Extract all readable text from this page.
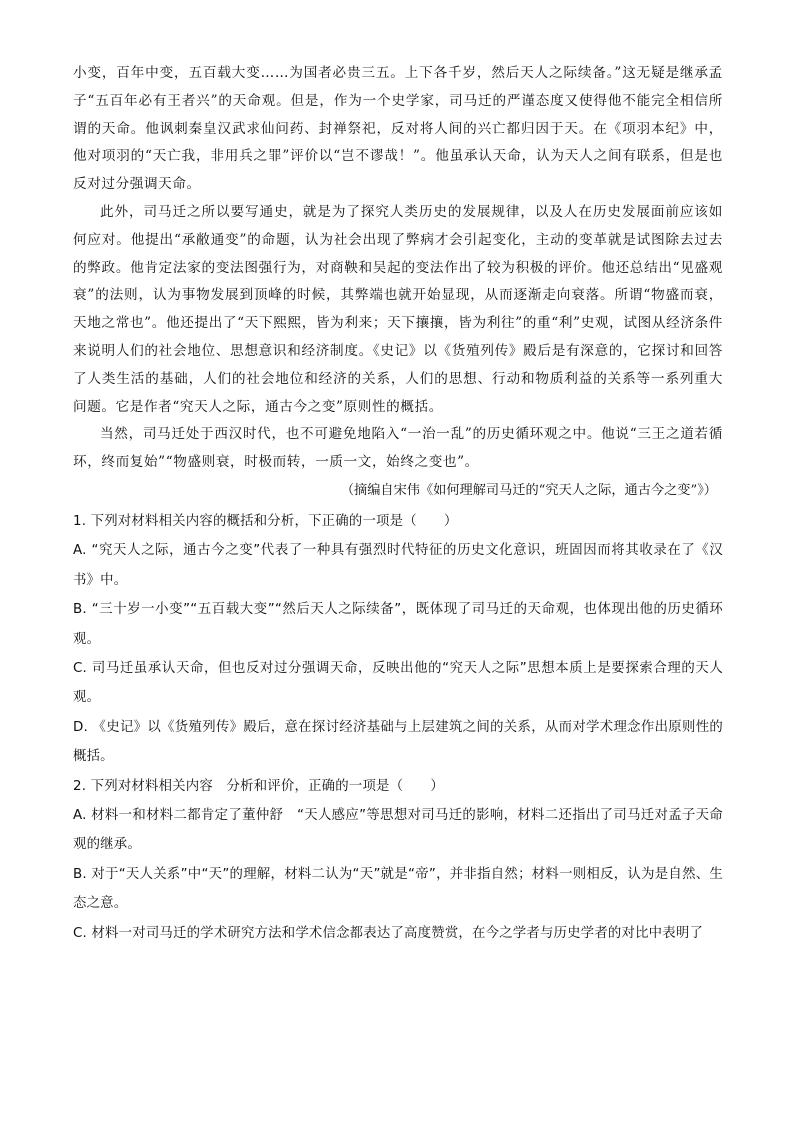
小变，百年中变，五百载大变……为国者必贵三五。上下各千岁，然后天人之际续备。”这无疑是继承孟子“五百年必有王者兴”的天命观。但是，作为一个史学家，司马迁的严谨态度又使得他不能完全相信所谓的天命。他讽刺秦皇汉武求仙问药、封禅祭祀，反对将人间的兴亡都归因于天。在《项羽本纪》中，他对项羽的“天亡我，非用兵之罪”评价以“岂不谬哉！”。他虽承认天命，认为天人之间有联系，但是也反对过分强调天命。

此外，司马迁之所以要写通史，就是为了探究人类历史的发展规律，以及人在历史发展面前应该如何应对。他提出“承敝通变”的命题，认为社会出现了弊病才会引起变化，主动的变革就是试图除去过去的弊政。他肯定法家的变法图强行为，对商鞅和吴起的变法作出了较为积极的评价。他还总结出“见盛观衰”的法则，认为事物发展到顶峰的时候，其弊端也就开始显现，从而逐渐走向衰落。所谓“物盛而衰，天地之常也”。他还提出了“天下熙熙，皆为利来；天下攘攘，皆为利往”的重“利”史观，试图从经济条件来说明人们的社会地位、思想意识和经济制度。《史记》以《货殖列传》殿后是有深意的，它探讨和回答了人类生活的基础，人们的社会地位和经济的关系，人们的思想、行动和物质利益的关系等一系列重大问题。它是作者“究天人之际，通古今之变”原则性的概括。

当然，司马迁处于西汉时代，也不可避免地陷入“一治一乱”的历史循环观之中。他说“三王之道若循环，终而复始”“物盛则衰，时极而转，一质一文，始终之变也”。

（摘编自宋伟《如何理解司马迁的“究天人之际，通古今之变”》）

1. 下列对材料相关内容的概括和分析，下正确的一项是（　　）

A. “究天人之际，通古今之变”代表了一种具有强烈时代特征的历史文化意识，班固因而将其收录在了《汉书》中。

B. “三十岁一小变”“五百载大变”“然后天人之际续备”，既体现了司马迁的天命观，也体现出他的历史循环观。

C. 司马迁虽承认天命，但也反对过分强调天命，反映出他的“究天人之际”思想本质上是要探索合理的天人观。

D. 《史记》以《货殖列传》殿后，意在探讨经济基础与上层建筑之间的关系，从而对学术理念作出原则性的概括。

2. 下列对材料相关内容　分析和评价，正确的一项是（　　）

A. 材料一和材料二都肯定了董仲舒　“天人感应”等思想对司马迁的影响，材料二还指出了司马迁对孟子天命观的继承。

B. 对于“天人关系”中“天”的理解，材料二认为“天”就是“帝”，并非指自然；材料一则相反，认为是自然、生态之意。

C. 材料一对司马迁的学术研究方法和学术信念都表达了高度赞赏，在今之学者与历史学者的对比中表明了
